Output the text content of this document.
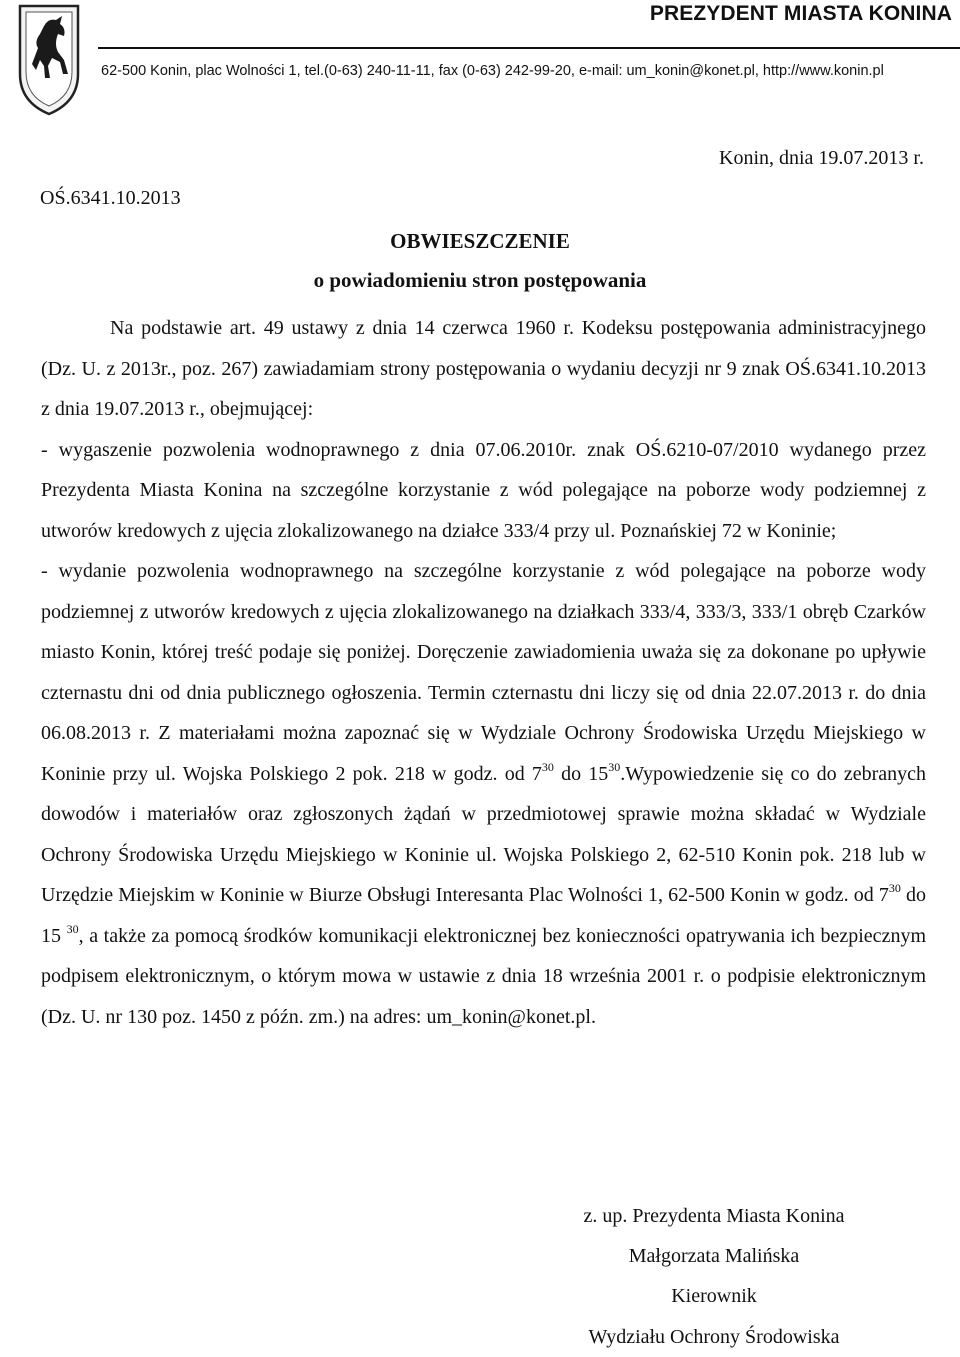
PREZYDENT MIASTA KONINA
62-500 Konin, plac Wolności 1, tel.(0-63) 240-11-11, fax (0-63) 242-99-20, e-mail: um_konin@konet.pl, http://www.konin.pl
Konin, dnia 19.07.2013 r.
OŚ.6341.10.2013
OBWIESZCZENIE
o powiadomieniu stron postępowania

Na podstawie art. 49 ustawy z dnia 14 czerwca 1960 r. Kodeksu postępowania administracyjnego (Dz. U. z 2013r., poz. 267) zawiadamiam strony postępowania o wydaniu decyzji nr 9 znak OŚ.6341.10.2013 z dnia 19.07.2013 r., obejmującej:

- wygaszenie pozwolenia wodnoprawnego z dnia 07.06.2010r. znak OŚ.6210-07/2010 wydanego przez Prezydenta Miasta Konina na szczególne korzystanie z wód polegające na poborze wody podziemnej z utworów kredowych z ujęcia zlokalizowanego na działce 333/4 przy ul. Poznańskiej 72 w Koninie;

- wydanie pozwolenia wodnoprawnego na szczególne korzystanie z wód polegające na poborze wody podziemnej z utworów kredowych z ujęcia zlokalizowanego na działkach 333/4, 333/3, 333/1 obręb Czarków miasto Konin, której treść podaje się poniżej. Doręczenie zawiadomienia uważa się za dokonane po upływie czternastu dni od dnia publicznego ogłoszenia. Termin czternastu dni liczy się od dnia 22.07.2013 r. do dnia 06.08.2013 r. Z materiałami można zapoznać się w Wydziale Ochrony Środowiska Urzędu Miejskiego w Koninie przy ul. Wojska Polskiego 2 pok. 218 w godz. od $7^{30}$ do $15^{30}.Wypowiedzenie$ się co do zebranych dowodów i materiałów oraz zgłoszonych żądań w przedmiotowej sprawie można składać w Wydziale Ochrony Środowiska Urzędu Miejskiego w Koninie ul. Wojska Polskiego 2, 62-510 Konin pok. 218 lub w Urzędzie Miejskim w Koninie w Biurze Obsługi Interesanta Plac Wolności 1, 62-500 Konin w godz. od $7^{30}$ do 15 $^{30}$, a także za pomocą środków komunikacji elektronicznej bez konieczności opatrywania ich bezpiecznym podpisem elektronicznym, o którym mowa w ustawie z dnia 18 września 2001 r. o podpisie elektronicznym (Dz. U. nr 130 poz. 1450 z późn. zm.) na adres: um_konin@konet.pl.

z. up. Prezydenta Miasta Konina
Małgorzata Malińska
Kierownik
Wydziału Ochrony Środowiska
